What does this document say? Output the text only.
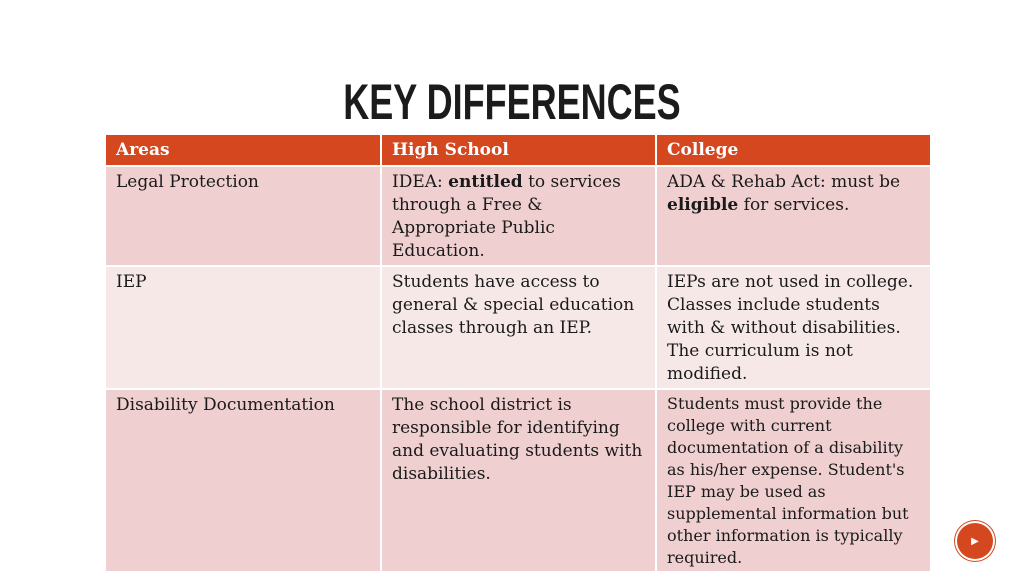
KEY DIFFERENCES
Areas	High School	College
Legal Protection	IDEA: entitled to services through a Free & Appropriate Public Education.	ADA & Rehab Act: must be eligible for services.
IEP	Students have access to general & special education classes through an IEP.	IEPs are not used in college. Classes include students with & without disabilities. The curriculum is not modified.
Disability Documentation	The school district is responsible for identifying and evaluating students with disabilities.	Students must provide the college with current documentation of a disability as his/her expense. Student's IEP may be used as supplemental information but other information is typically required.
▶
